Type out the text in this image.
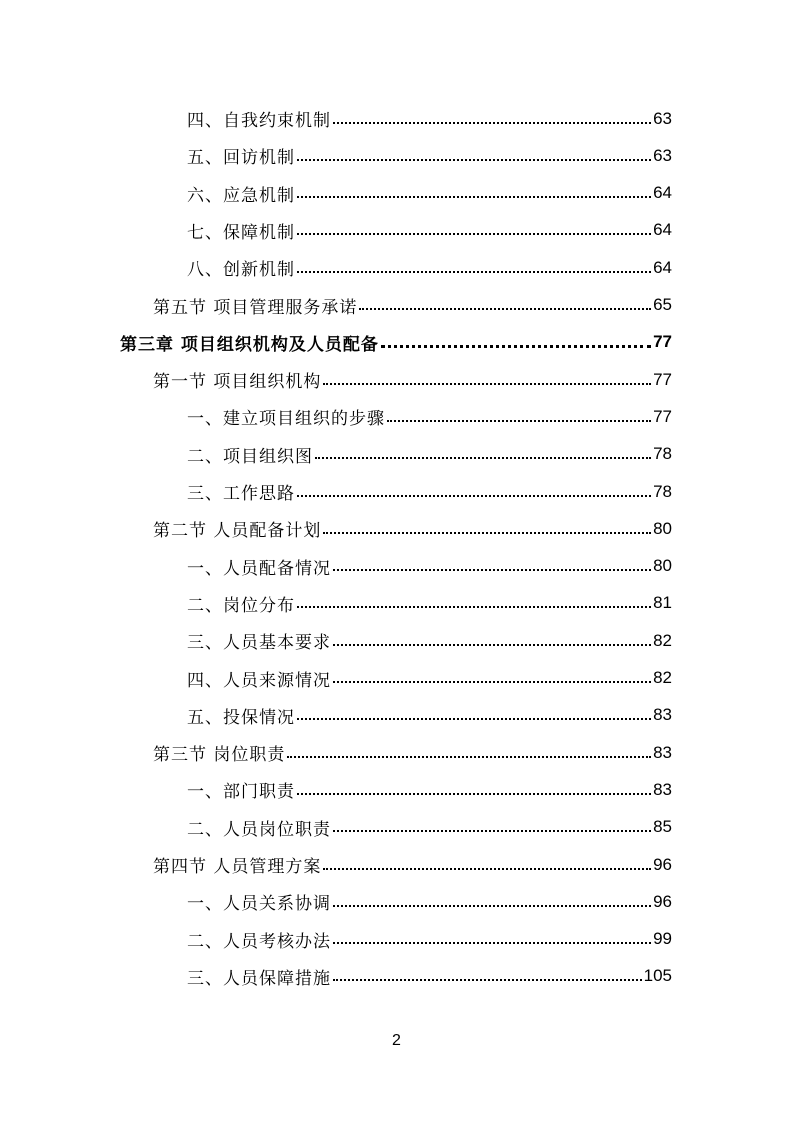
四、自我约束机制	63
五、回访机制	63
六、应急机制	64
七、保障机制	64
八、创新机制	64
第五节 项目管理服务承诺	65
第三章 项目组织机构及人员配备	77
第一节 项目组织机构	77
一、建立项目组织的步骤	77
二、项目组织图	78
三、工作思路	78
第二节 人员配备计划	80
一、人员配备情况	80
二、岗位分布	81
三、人员基本要求	82
四、人员来源情况	82
五、投保情况	83
第三节 岗位职责	83
一、部门职责	83
二、人员岗位职责	85
第四节 人员管理方案	96
一、人员关系协调	96
二、人员考核办法	99
三、人员保障措施	105
2
